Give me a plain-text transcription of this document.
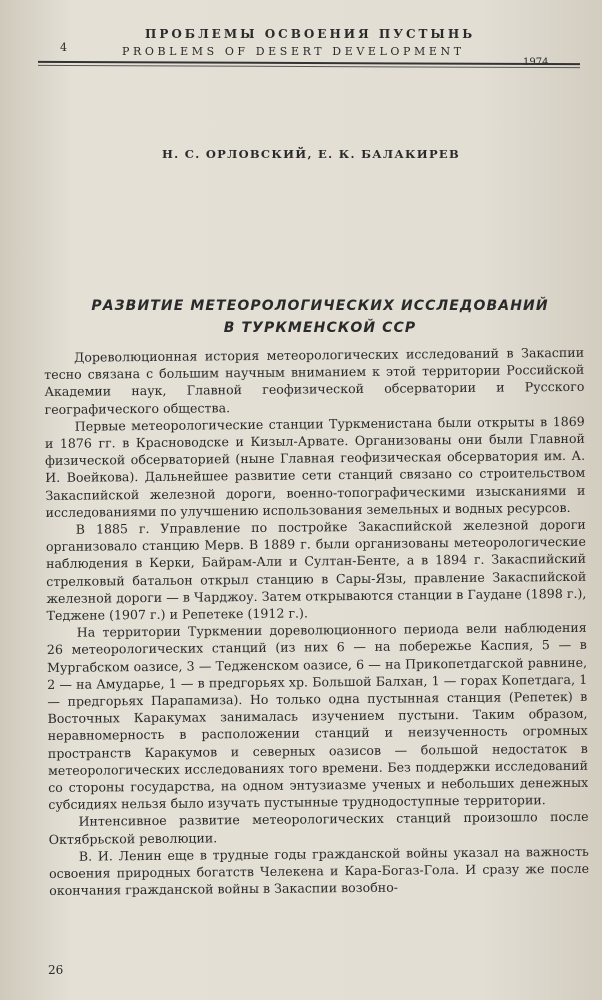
4
ПРОБЛЕМЫ ОСВОЕНИЯ ПУСТЫНЬ
PROBLEMS OF DESERT DEVELOPMENT
Н. С. ОРЛОВСКИЙ, Е. К. БАЛАКИРЕВ
РАЗВИТИЕ МЕТЕОРОЛОГИЧЕСКИХ ИССЛЕДОВАНИЙ
В ТУРКМЕНСКОЙ ССР

Дореволюционная история метеорологических исследований в Закаспии тесно связана с большим научным вниманием к этой территории Российской Академии наук, Главной геофизической обсерватории и Русского географического общества.

Первые метеорологические станции Туркменистана были открыты в 1869 и 1876 гг. в Красноводске и Кизыл-Арвате. Организованы они были Главной физической обсерваторией (ныне Главная геофизическая обсерватория им. А. И. Воейкова). Дальнейшее развитие сети станций связано со строительством Закаспийской железной дороги, военно-топографическими изысканиями и исследованиями по улучшению использования земельных и водных ресурсов.

В 1885 г. Управление по постройке Закаспийской железной дороги организовало станцию Мерв. В 1889 г. были организованы метеорологические наблюдения в Керки, Байрам-Али и Султан-Бенте, а в 1894 г. Закаспийский стрелковый батальон открыл станцию в Сары-Язы, правление Закаспийской железной дороги — в Чарджоу. Затем открываются станции в Гаудане (1898 г.), Теджене (1907 г.) и Репетеке (1912 г.).

На территории Туркмении дореволюционного периода вели наблюдения 26 метеорологических станций (из них 6 — на побережье Каспия, 5 — в Мургабском оазисе, 3 — Тедженском оазисе, 6 — на Прикопетдагской равнине, 2 — на Амударье, 1 — в предгорьях хр. Большой Балхан, 1 — горах Копетдага, 1 — предгорьях Парапамиза). Но только одна пустынная станция (Репетек) в Восточных Каракумах занималась изучением пустыни. Таким образом, неравномерность в расположении станций и неизученность огромных пространств Каракумов и северных оазисов — большой недостаток в метеорологических исследованиях того времени. Без поддержки исследований со стороны государства, на одном энтузиазме ученых и небольших денежных субсидиях нельзя было изучать пустынные труднодоступные территории.

Интенсивное развитие метеорологических станций произошло после Октябрьской революции.

В. И. Ленин еще в трудные годы гражданской войны указал на важность освоения природных богатств Челекена и Кара-Богаз-Гола. И сразу же после окончания гражданской войны в Закаспии возобно-

26
